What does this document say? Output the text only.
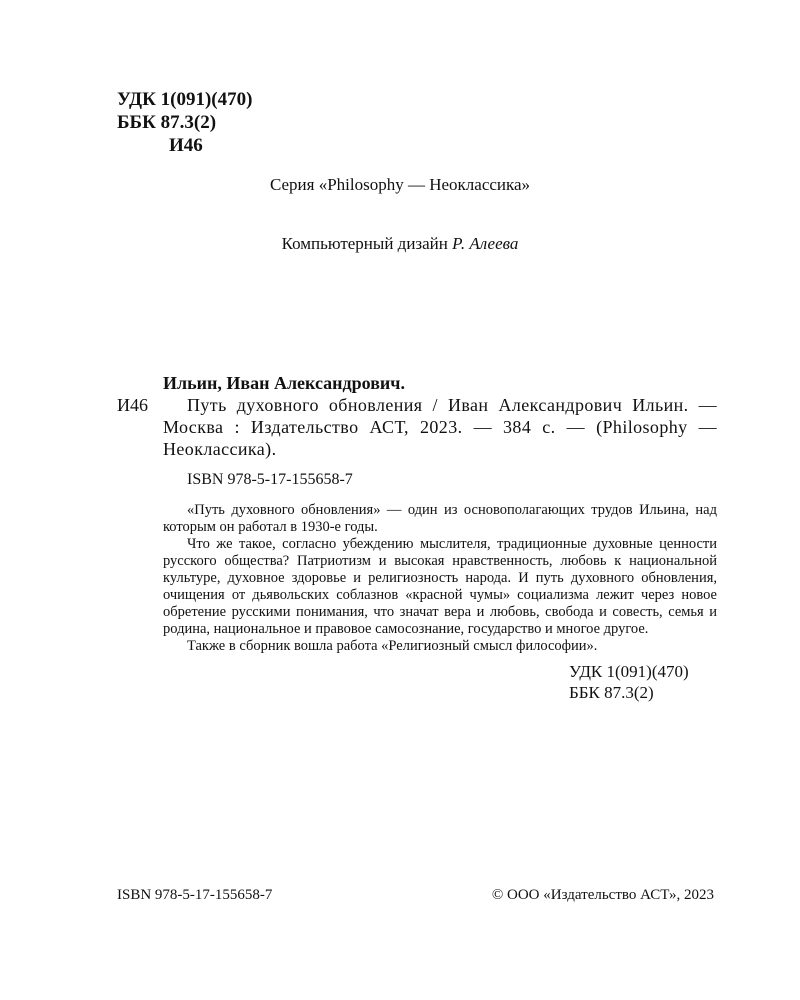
УДК 1(091)(470)
ББК 87.3(2)
И46
Серия «Philosophy — Неоклассика»
Компьютерный дизайн Р. Алеева
Ильин, Иван Александрович.
И46	Путь духовного обновления / Иван Александрович Ильин. — Москва : Издательство АСТ, 2023. — 384 с. — (Philosophy — Неоклассика).
ISBN 978-5-17-155658-7

«Путь духовного обновления» — один из основополагающих трудов Ильина, над которым он работал в 1930-е годы.

Что же такое, согласно убеждению мыслителя, традиционные духовные ценности русского общества? Патриотизм и высокая нравственность, любовь к национальной культуре, духовное здоровье и религиозность народа. И путь духовного обновления, очищения от дьявольских соблазнов «красной чумы» социализма лежит через новое обретение русскими понимания, что значат вера и любовь, свобода и совесть, семья и родина, национальное и правовое самосознание, государство и многое другое.

Также в сборник вошла работа «Религиозный смысл философии».

УДК 1(091)(470)
ББК 87.3(2)
ISBN 978-5-17-155658-7	© ООО «Издательство АСТ», 2023
